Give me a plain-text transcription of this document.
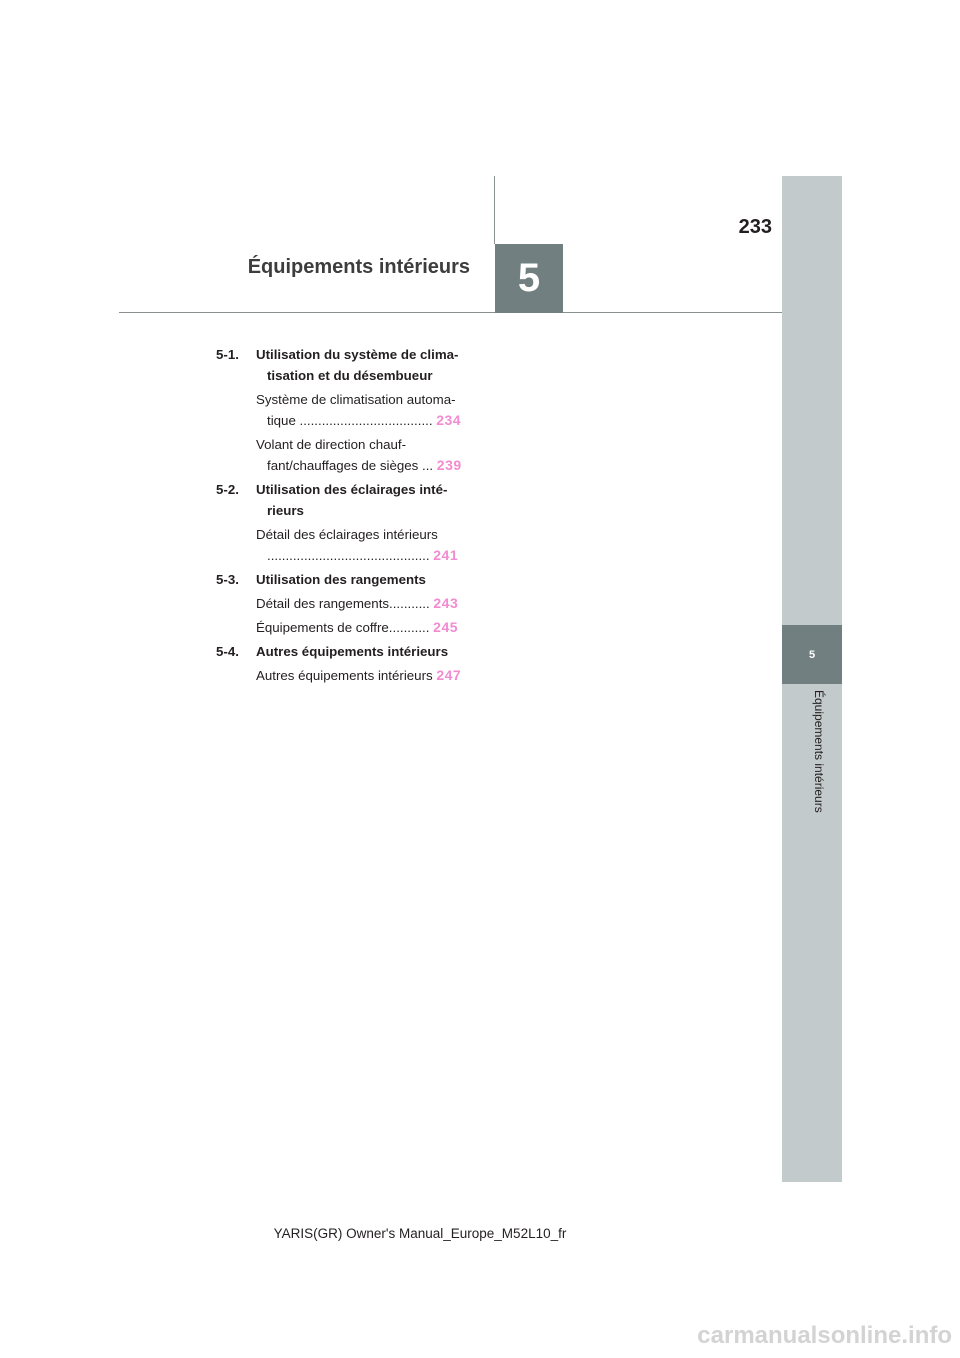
5
Équipements intérieurs
5
233
Équipements intérieurs
5-1. Utilisation du système de clima-tisation et du désembueur
Système de climatisation automa-tique .................................... 234
Volant de direction chauf-fant/chauffages de sièges ... 239
5-2. Utilisation des éclairages inté-rieurs
Détail des éclairages intérieurs ............................................ 241
5-3. Utilisation des rangements
Détail des rangements........... 243
Équipements de coffre........... 245
5-4. Autres équipements intérieurs
Autres équipements intérieurs 247
YARIS(GR) Owner's Manual_Europe_M52L10_fr
carmanualsonline.info
